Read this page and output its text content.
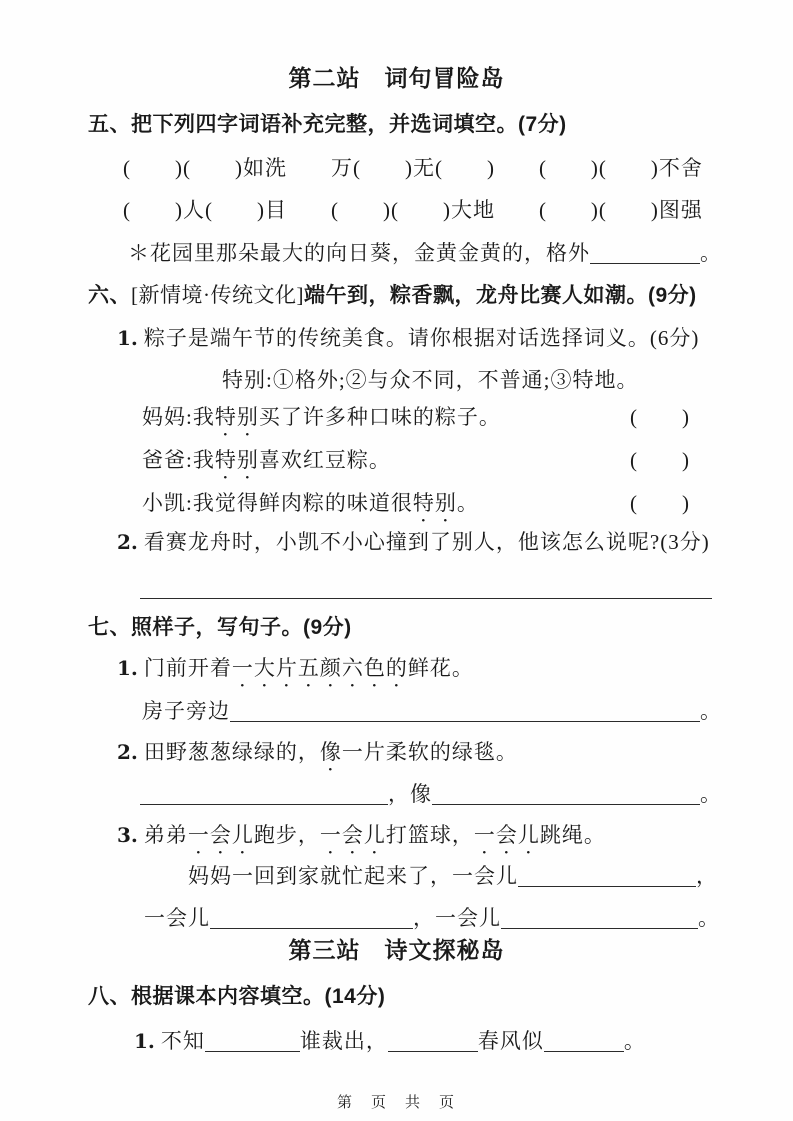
第二站　词句冒险岛
五、把下列四字词语补充完整，并选词填空。(7分)
(　　)(　　)如洗　　万(　　)无(　　)　　(　　)(　　)不舍
(　　)人(　　)目　　(　　)(　　)大地　　(　　)(　　)图强
＊花园里那朵最大的向日葵，金黄金黄的，格外	。
六、[新情境·传统文化]端午到，粽香飘，龙舟比赛人如潮。(9分)
1. 粽子是端午节的传统美食。请你根据对话选择词义。(6分)
特别:①格外;②与众不同，不普通;③特地。
妈妈:我特别买了许多种口味的粽子。	(　　)
爸爸:我特别喜欢红豆粽。	(　　)
小凯:我觉得鲜肉粽的味道很特别。	(　　)
2. 看赛龙舟时，小凯不小心撞到了别人，他该怎么说呢?(3分)
七、照样子，写句子。(9分)
1. 门前开着一大片五颜六色的鲜花。
房子旁边	。
2. 田野葱葱绿绿的，像一片柔软的绿毯。
，像	。
3. 弟弟一会儿跑步，一会儿打篮球，一会儿跳绳。
妈妈一回到家就忙起来了，一会儿	，
一会儿	，一会儿	。
第三站　诗文探秘岛
八、根据课本内容填空。(14分)
1. 不知	谁裁出，	春风似	。
第　页　共　页
